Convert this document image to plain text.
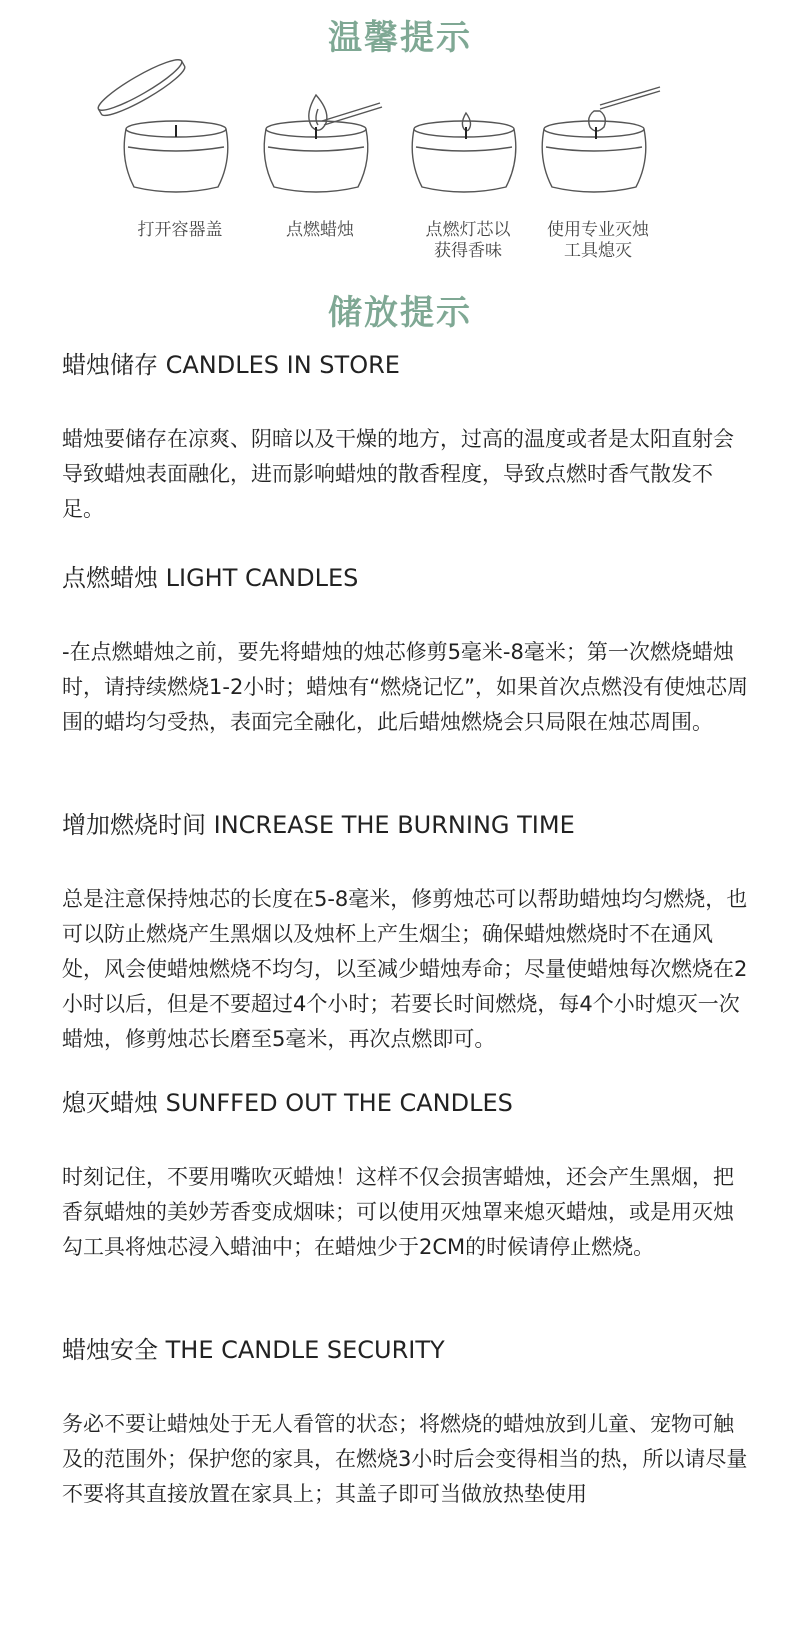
温馨提示
打开容器盖	点燃蜡烛	点燃灯芯以
获得香味
使用专业灭烛
工具熄灭
储放提示
蜡烛储存 CANDLES IN STORE
蜡烛要储存在凉爽、阴暗以及干燥的地方，过高的温度或者是太阳直射会导致蜡烛表面融化，进而影响蜡烛的散香程度，导致点燃时香气散发不足。
点燃蜡烛 LIGHT CANDLES
-在点燃蜡烛之前，要先将蜡烛的烛芯修剪5毫米-8毫米；第一次燃烧蜡烛时，请持续燃烧1-2小时；蜡烛有“燃烧记忆”，如果首次点燃没有使烛芯周围的蜡均匀受热，表面完全融化，此后蜡烛燃烧会只局限在烛芯周围。
增加燃烧时间 INCREASE THE BURNING TIME
总是注意保持烛芯的长度在5-8毫米，修剪烛芯可以帮助蜡烛均匀燃烧，也可以防止燃烧产生黑烟以及烛杯上产生烟尘；确保蜡烛燃烧时不在通风处，风会使蜡烛燃烧不均匀，以至减少蜡烛寿命；尽量使蜡烛每次燃烧在2小时以后，但是不要超过4个小时；若要长时间燃烧，每4个小时熄灭一次蜡烛，修剪烛芯长磨至5毫米，再次点燃即可。
熄灭蜡烛 SUNFFED OUT THE CANDLES
时刻记住，不要用嘴吹灭蜡烛！这样不仅会损害蜡烛，还会产生黑烟，把香氛蜡烛的美妙芳香变成烟味；可以使用灭烛罩来熄灭蜡烛，或是用灭烛勾工具将烛芯浸入蜡油中；在蜡烛少于2CM的时候请停止燃烧。
蜡烛安全 THE CANDLE SECURITY
务必不要让蜡烛处于无人看管的状态；将燃烧的蜡烛放到儿童、宠物可触及的范围外；保护您的家具，在燃烧3小时后会变得相当的热，所以请尽量不要将其直接放置在家具上；其盖子即可当做放热垫使用
